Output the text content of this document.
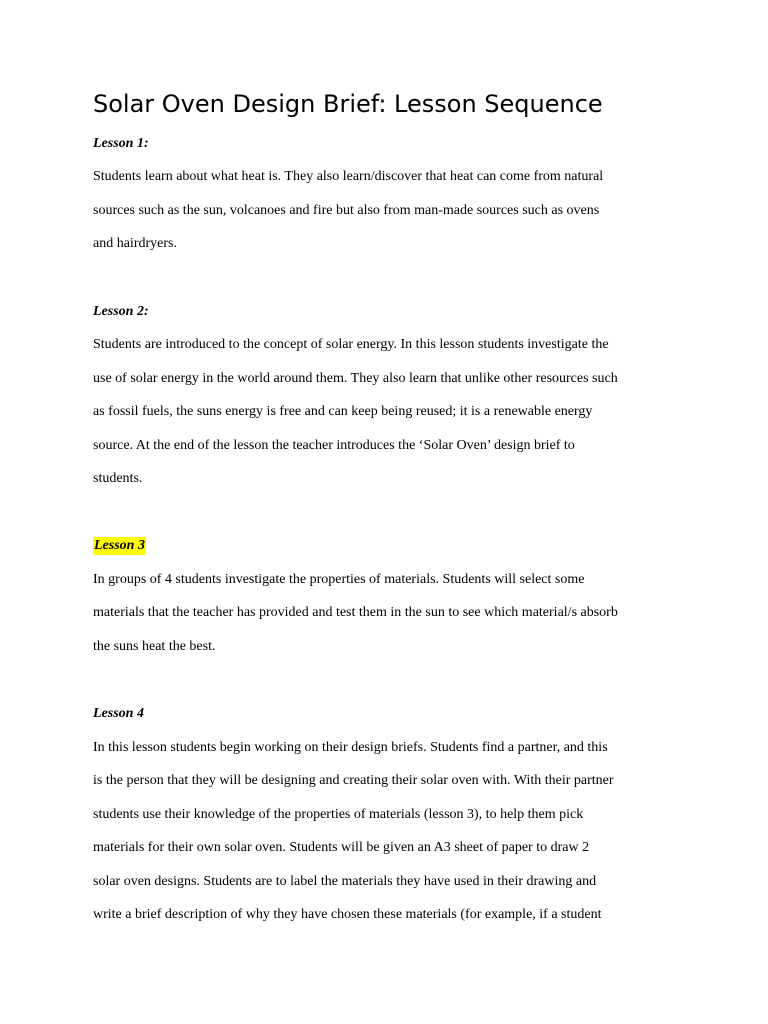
Solar Oven Design Brief: Lesson Sequence
Lesson 1:

Students learn about what heat is. They also learn/discover that heat can come from natural

sources such as the sun, volcanoes and fire but also from man-made sources such as ovens

and hairdryers.

Lesson 2:

Students are introduced to the concept of solar energy. In this lesson students investigate the

use of solar energy in the world around them. They also learn that unlike other resources such

as fossil fuels, the suns energy is free and can keep being reused; it is a renewable energy

source. At the end of the lesson the teacher introduces the ‘Solar Oven’ design brief to

students.

Lesson 3

In groups of 4 students investigate the properties of materials. Students will select some

materials that the teacher has provided and test them in the sun to see which material/s absorb

the suns heat the best.

Lesson 4

In this lesson students begin working on their design briefs. Students find a partner, and this

is the person that they will be designing and creating their solar oven with. With their partner

students use their knowledge of the properties of materials (lesson 3), to help them pick

materials for their own solar oven. Students will be given an A3 sheet of paper to draw 2

solar oven designs. Students are to label the materials they have used in their drawing and

write a brief description of why they have chosen these materials (for example, if a student
